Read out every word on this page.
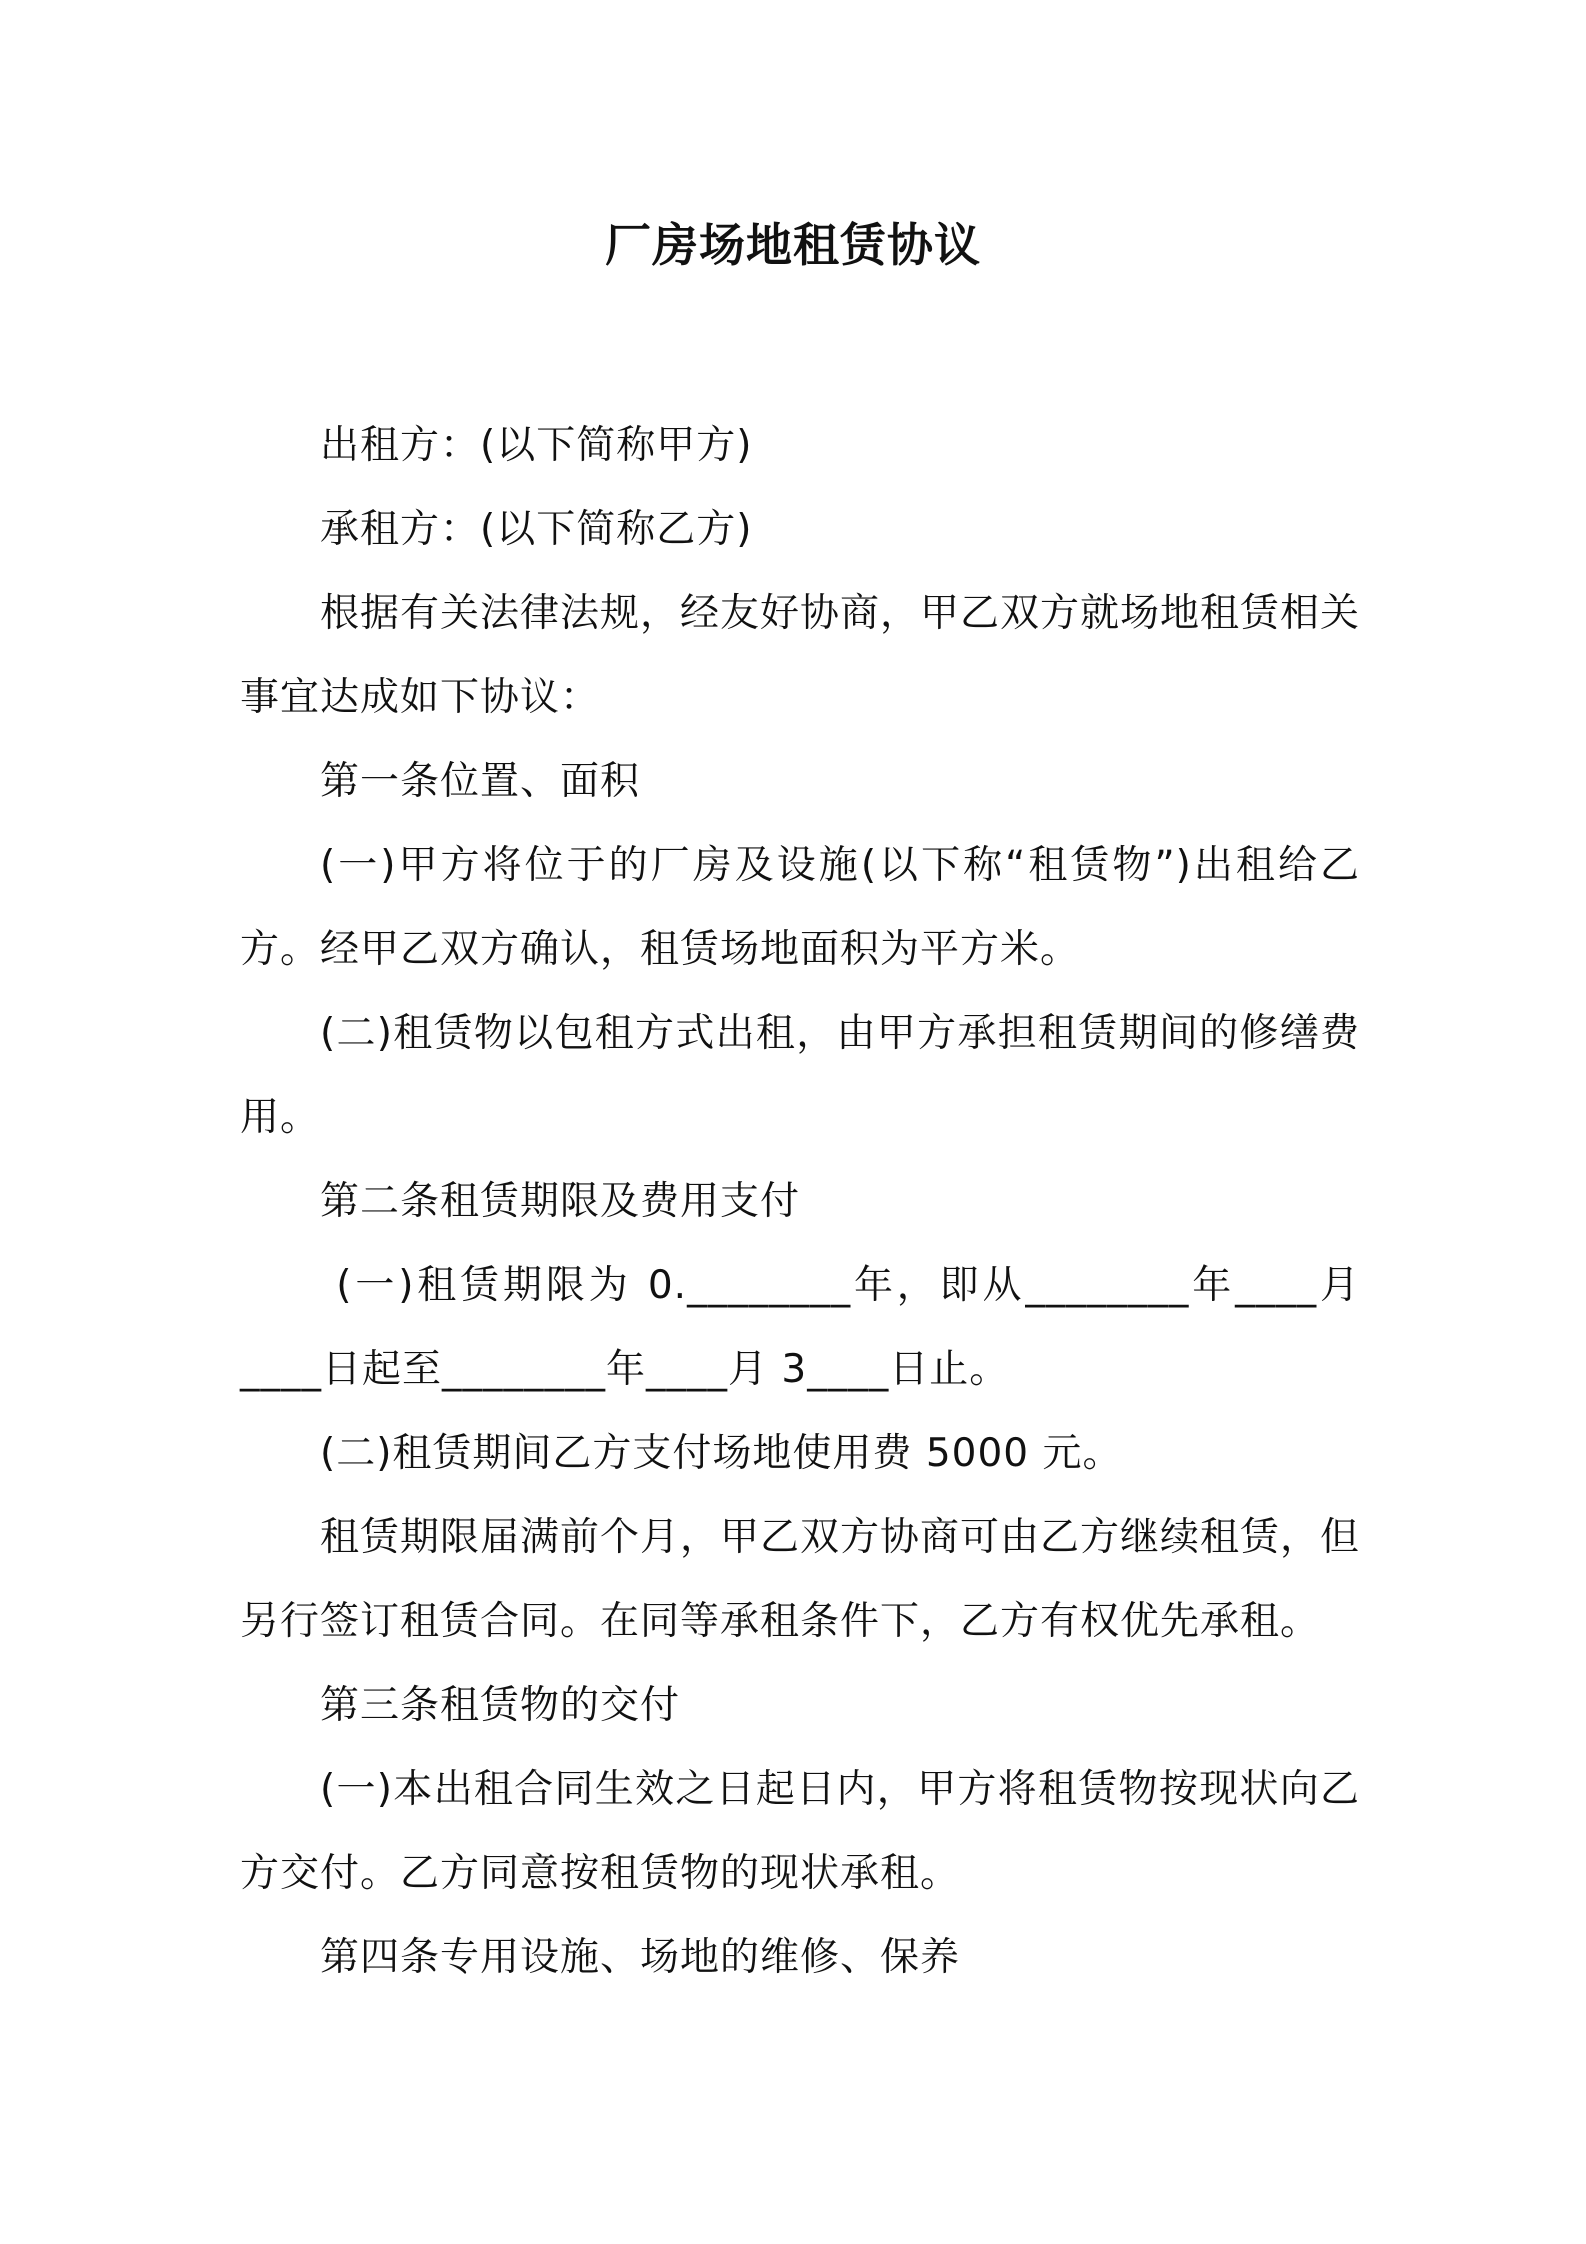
厂房场地租赁协议

出租方：(以下简称甲方)

承租方：(以下简称乙方)

根据有关法律法规，经友好协商，甲乙双方就场地租赁相关事宜达成如下协议：

第一条位置、面积

(一)甲方将位于的厂房及设施(以下称“租赁物”)出租给乙方。经甲乙双方确认，租赁场地面积为平方米。

(二)租赁物以包租方式出租，由甲方承担租赁期间的修缮费用。

第二条租赁期限及费用支付

(一)租赁期限为 0.________年，即从________年____月____日起至________年____月 3____日止。

(二)租赁期间乙方支付场地使用费 5000 元。

租赁期限届满前个月，甲乙双方协商可由乙方继续租赁，但另行签订租赁合同。在同等承租条件下，乙方有权优先承租。

第三条租赁物的交付

(一)本出租合同生效之日起日内，甲方将租赁物按现状向乙方交付。乙方同意按租赁物的现状承租。

第四条专用设施、场地的维修、保养
